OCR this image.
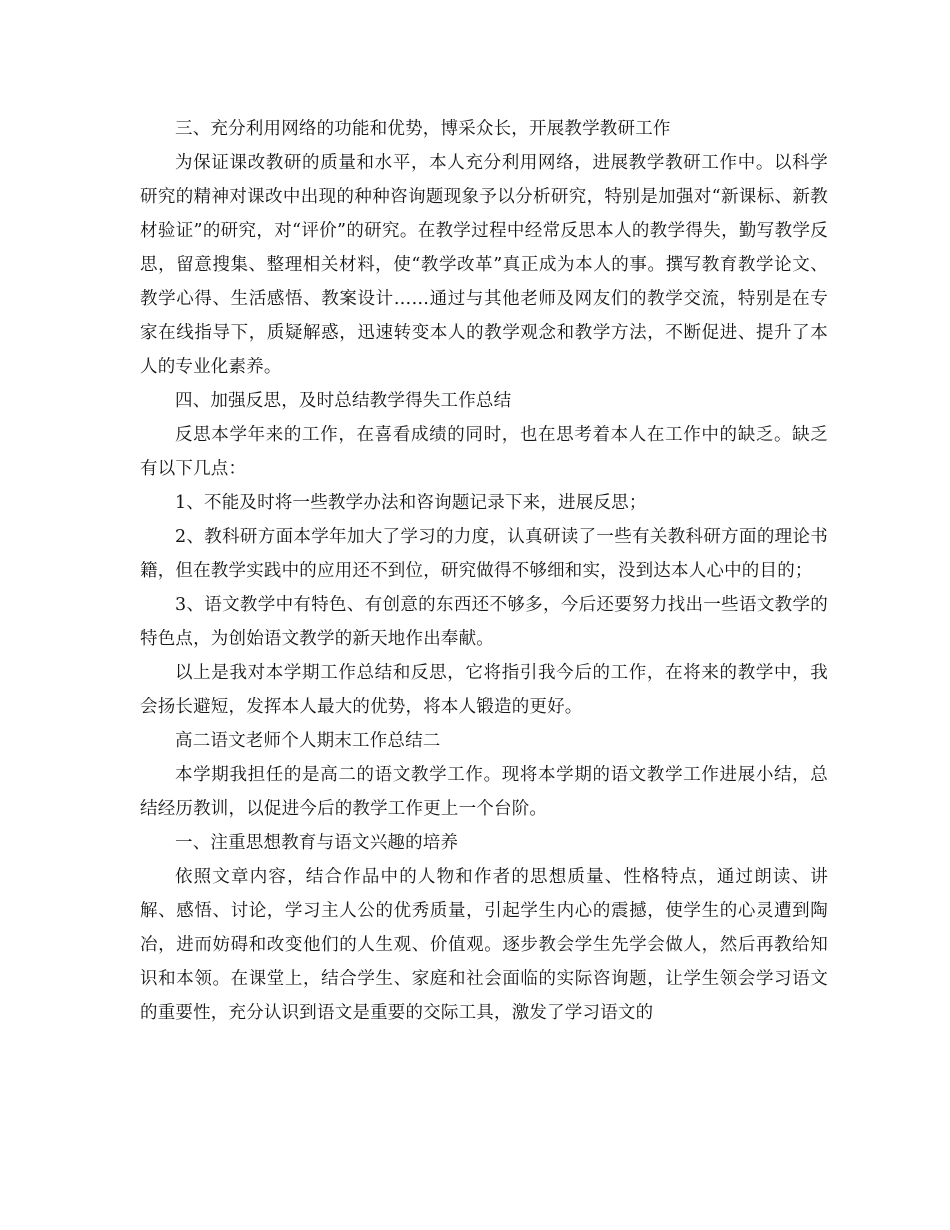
三、充分利用网络的功能和优势，博采众长，开展教学教研工作

为保证课改教研的质量和水平，本人充分利用网络，进展教学教研工作中。以科学研究的精神对课改中出现的种种咨询题现象予以分析研究，特别是加强对“新课标、新教材验证”的研究，对“评价”的研究。在教学过程中经常反思本人的教学得失，勤写教学反思，留意搜集、整理相关材料，使“教学改革”真正成为本人的事。撰写教育教学论文、教学心得、生活感悟、教案设计……通过与其他老师及网友们的教学交流，特别是在专家在线指导下，质疑解惑，迅速转变本人的教学观念和教学方法，不断促进、提升了本人的专业化素养。

四、加强反思，及时总结教学得失工作总结

反思本学年来的工作，在喜看成绩的同时，也在思考着本人在工作中的缺乏。缺乏有以下几点：

1、不能及时将一些教学办法和咨询题记录下来，进展反思；

2、教科研方面本学年加大了学习的力度，认真研读了一些有关教科研方面的理论书籍，但在教学实践中的应用还不到位，研究做得不够细和实，没到达本人心中的目的；

3、语文教学中有特色、有创意的东西还不够多，今后还要努力找出一些语文教学的特色点，为创始语文教学的新天地作出奉献。

以上是我对本学期工作总结和反思，它将指引我今后的工作，在将来的教学中，我会扬长避短，发挥本人最大的优势，将本人锻造的更好。

高二语文老师个人期末工作总结二

本学期我担任的是高二的语文教学工作。现将本学期的语文教学工作进展小结，总结经历教训，以促进今后的教学工作更上一个台阶。

一、注重思想教育与语文兴趣的培养

依照文章内容，结合作品中的人物和作者的思想质量、性格特点，通过朗读、讲解、感悟、讨论，学习主人公的优秀质量，引起学生内心的震撼，使学生的心灵遭到陶冶，进而妨碍和改变他们的人生观、价值观。逐步教会学生先学会做人，然后再教给知识和本领。在课堂上，结合学生、家庭和社会面临的实际咨询题，让学生领会学习语文的重要性，充分认识到语文是重要的交际工具，激发了学习语文的
